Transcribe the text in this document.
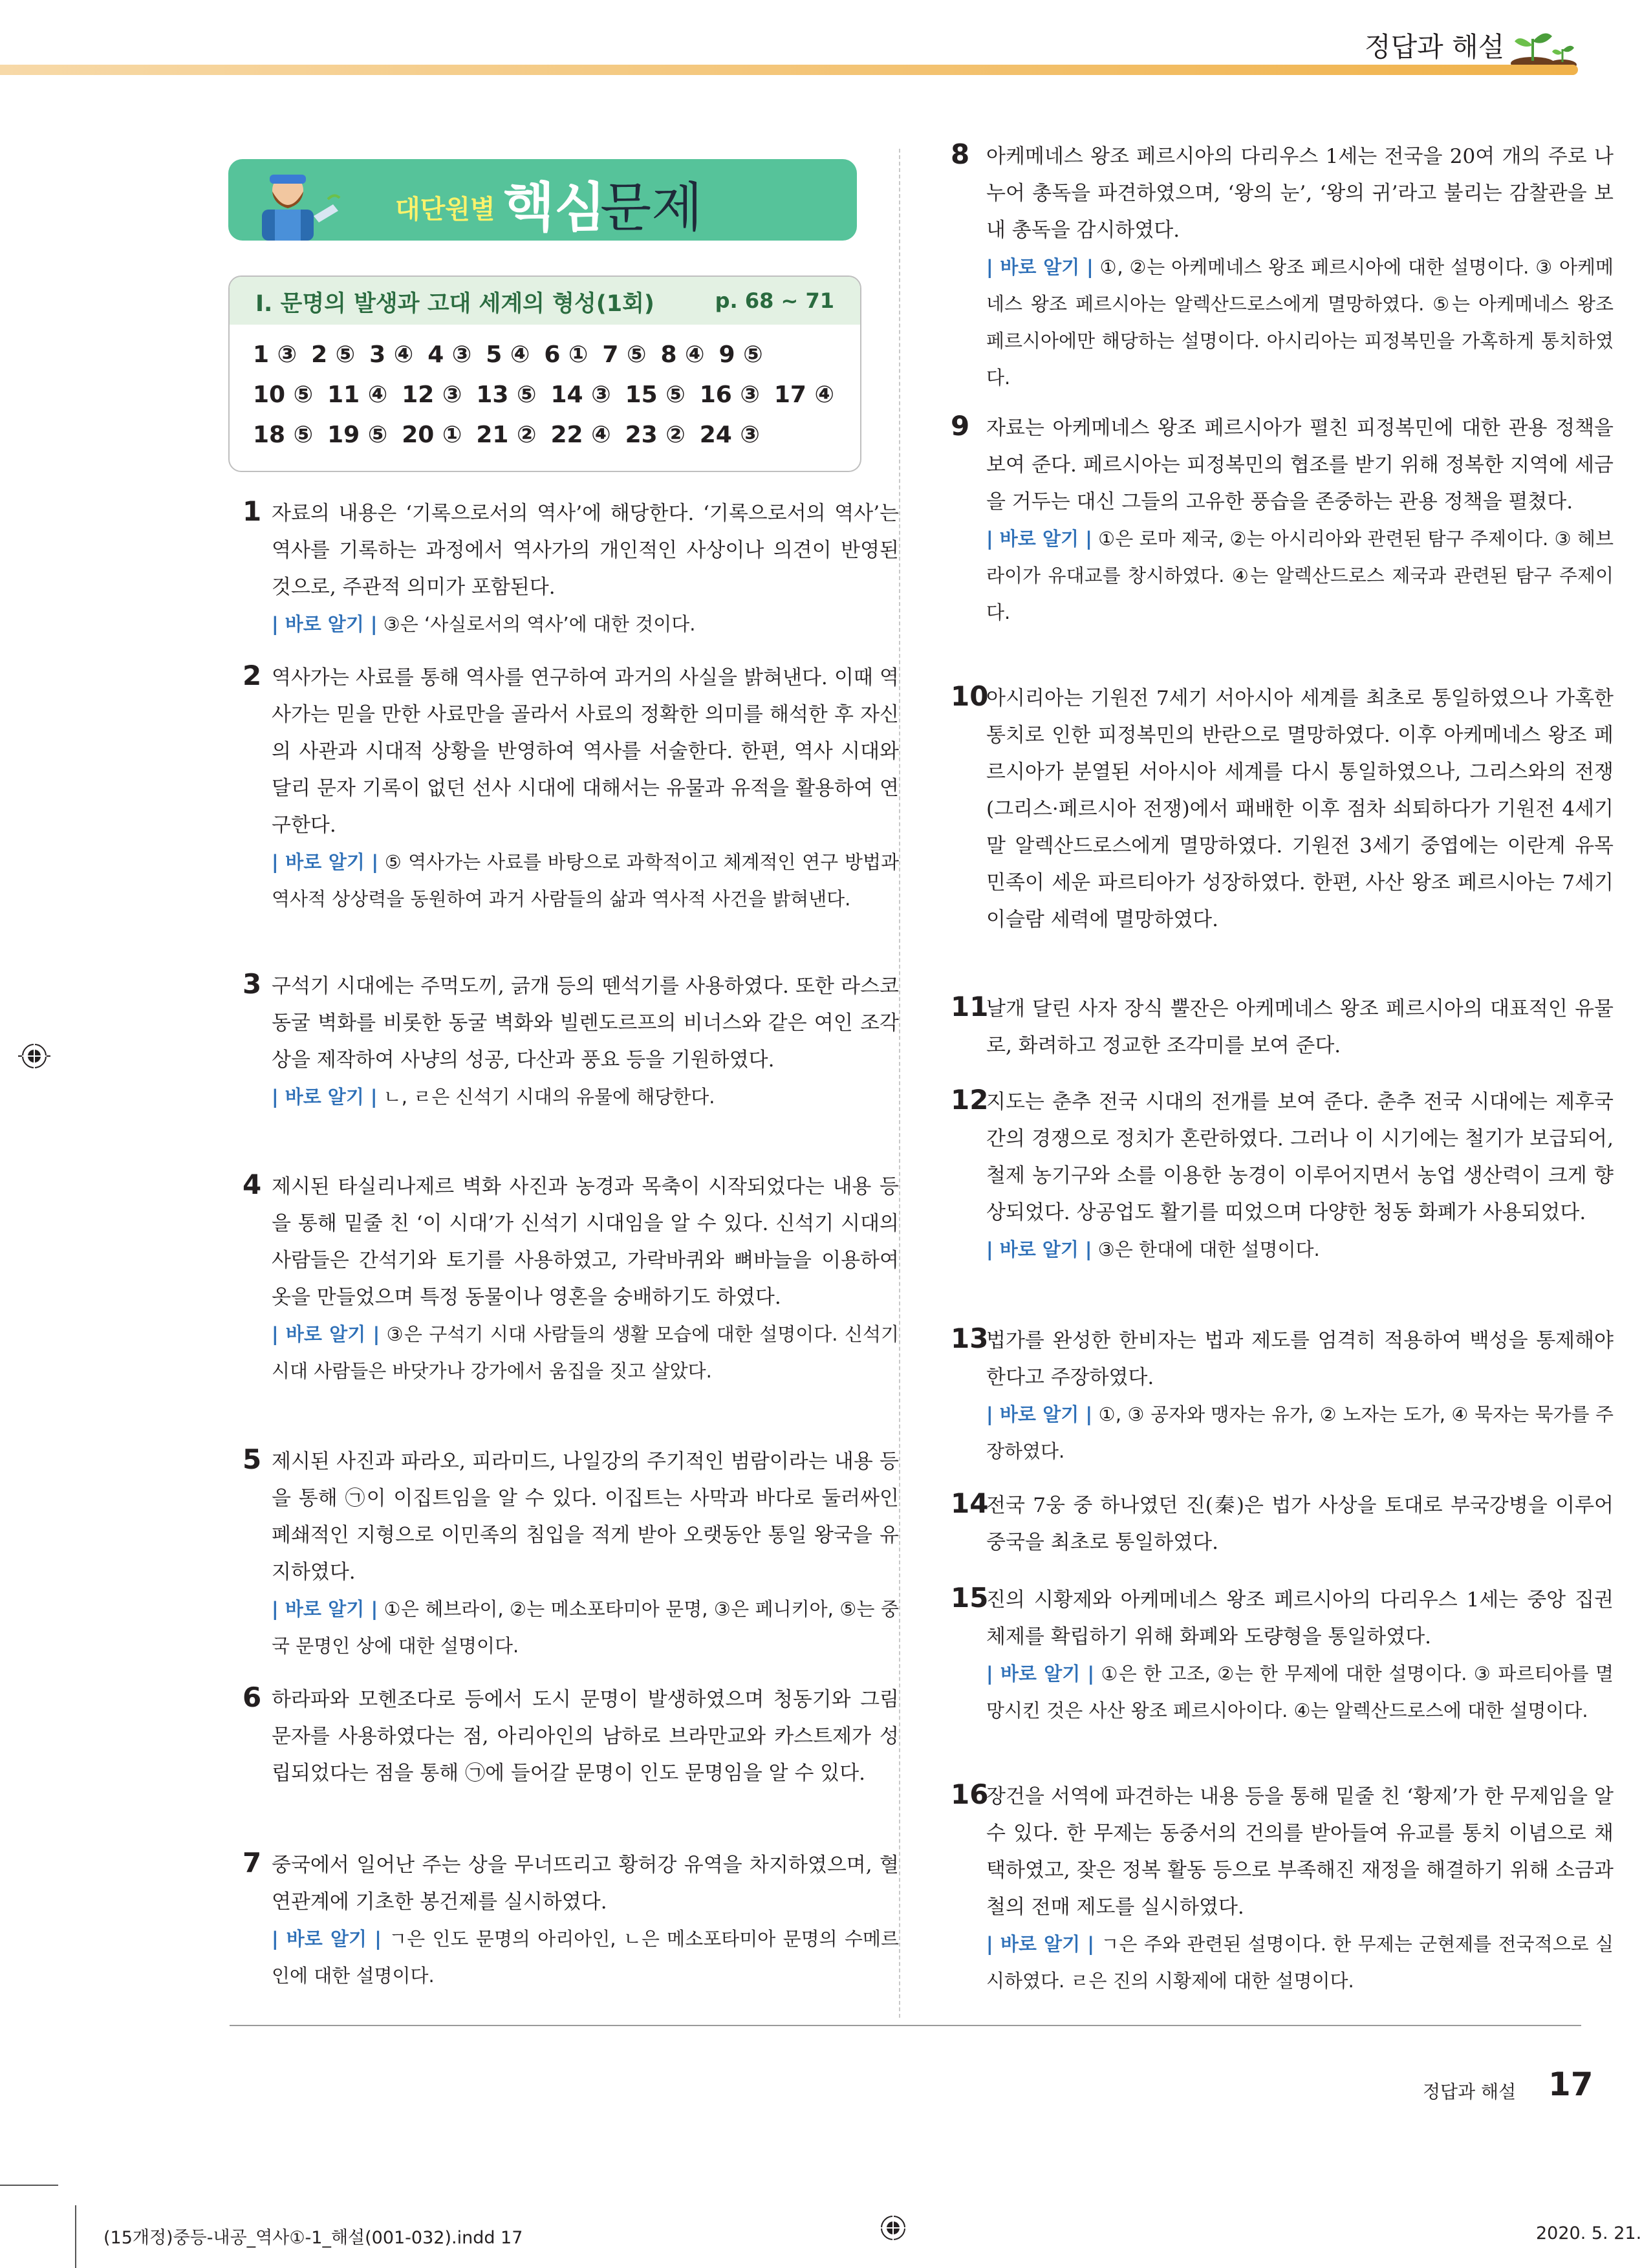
정답과 해설
대단원별 핵심
문제
Ⅰ. 문명의 발생과 고대 세계의 형성(1회)	p. 68 ~ 71
1 ③ 2 ⑤ 3 ④ 4 ③ 5 ④ 6 ① 7 ⑤ 8 ④ 9 ⑤
10 ⑤ 11 ④ 12 ③ 13 ⑤ 14 ③ 15 ⑤ 16 ③ 17 ④
18 ⑤ 19 ⑤ 20 ① 21 ② 22 ④ 23 ② 24 ③
1 자료의 내용은 ‘기록으로서의 역사’에 해당한다. ‘기록으로서의 역사’는 역사를 기록하는 과정에서 역사가의 개인적인 사상이나 의견이 반영된 것으로, 주관적 의미가 포함된다.

| 바로 알기 | ③은 ‘사실로서의 역사’에 대한 것이다.
2 역사가는 사료를 통해 역사를 연구하여 과거의 사실을 밝혀낸다. 이때 역사가는 믿을 만한 사료만을 골라서 사료의 정확한 의미를 해석한 후 자신의 사관과 시대적 상황을 반영하여 역사를 서술한다. 한편, 역사 시대와 달리 문자 기록이 없던 선사 시대에 대해서는 유물과 유적을 활용하여 연구한다.

| 바로 알기 | ⑤ 역사가는 사료를 바탕으로 과학적이고 체계적인 연구 방법과 역사적 상상력을 동원하여 과거 사람들의 삶과 역사적 사건을 밝혀낸다.
3 구석기 시대에는 주먹도끼, 긁개 등의 뗀석기를 사용하였다. 또한 라스코 동굴 벽화를 비롯한 동굴 벽화와 빌렌도르프의 비너스와 같은 여인 조각상을 제작하여 사냥의 성공, 다산과 풍요 등을 기원하였다.

| 바로 알기 | ㄴ, ㄹ은 신석기 시대의 유물에 해당한다.
4 제시된 타실리나제르 벽화 사진과 농경과 목축이 시작되었다는 내용 등을 통해 밑줄 친 ‘이 시대’가 신석기 시대임을 알 수 있다. 신석기 시대의 사람들은 간석기와 토기를 사용하였고, 가락바퀴와 뼈바늘을 이용하여 옷을 만들었으며 특정 동물이나 영혼을 숭배하기도 하였다.

| 바로 알기 | ③은 구석기 시대 사람들의 생활 모습에 대한 설명이다. 신석기 시대 사람들은 바닷가나 강가에서 움집을 짓고 살았다.
5 제시된 사진과 파라오, 피라미드, 나일강의 주기적인 범람이라는 내용 등을 통해 ㉠이 이집트임을 알 수 있다. 이집트는 사막과 바다로 둘러싸인 폐쇄적인 지형으로 이민족의 침입을 적게 받아 오랫동안 통일 왕국을 유지하였다.

| 바로 알기 | ①은 헤브라이, ②는 메소포타미아 문명, ③은 페니키아, ⑤는 중국 문명인 상에 대한 설명이다.
6 하라파와 모헨조다로 등에서 도시 문명이 발생하였으며 청동기와 그림 문자를 사용하였다는 점, 아리아인의 남하로 브라만교와 카스트제가 성립되었다는 점을 통해 ㉠에 들어갈 문명이 인도 문명임을 알 수 있다.

7 중국에서 일어난 주는 상을 무너뜨리고 황허강 유역을 차지하였으며, 혈연관계에 기초한 봉건제를 실시하였다.

| 바로 알기 | ㄱ은 인도 문명의 아리아인, ㄴ은 메소포타미아 문명의 수메르인에 대한 설명이다.
8 아케메네스 왕조 페르시아의 다리우스 1세는 전국을 20여 개의 주로 나누어 총독을 파견하였으며, ‘왕의 눈’, ‘왕의 귀’라고 불리는 감찰관을 보내 총독을 감시하였다.

| 바로 알기 | ①, ②는 아케메네스 왕조 페르시아에 대한 설명이다. ③ 아케메네스 왕조 페르시아는 알렉산드로스에게 멸망하였다. ⑤는 아케메네스 왕조 페르시아에만 해당하는 설명이다. 아시리아는 피정복민을 가혹하게 통치하였다.
9 자료는 아케메네스 왕조 페르시아가 펼친 피정복민에 대한 관용 정책을 보여 준다. 페르시아는 피정복민의 협조를 받기 위해 정복한 지역에 세금을 거두는 대신 그들의 고유한 풍습을 존중하는 관용 정책을 펼쳤다.

| 바로 알기 | ①은 로마 제국, ②는 아시리아와 관련된 탐구 주제이다. ③ 헤브라이가 유대교를 창시하였다. ④는 알렉산드로스 제국과 관련된 탐구 주제이다.
10

아시리아는 기원전 7세기 서아시아 세계를 최초로 통일하였으나 가혹한 통치로 인한 피정복민의 반란으로 멸망하였다. 이후 아케메네스 왕조 페르시아가 분열된 서아시아 세계를 다시 통일하였으나, 그리스와의 전쟁(그리스·페르시아 전쟁)에서 패배한 이후 점차 쇠퇴하다가 기원전 4세기 말 알렉산드로스에게 멸망하였다. 기원전 3세기 중엽에는 이란계 유목 민족이 세운 파르티아가 성장하였다. 한편, 사산 왕조 페르시아는 7세기 이슬람 세력에 멸망하였다.

11

날개 달린 사자 장식 뿔잔은 아케메네스 왕조 페르시아의 대표적인 유물로, 화려하고 정교한 조각미를 보여 준다.

12

지도는 춘추 전국 시대의 전개를 보여 준다. 춘추 전국 시대에는 제후국 간의 경쟁으로 정치가 혼란하였다. 그러나 이 시기에는 철기가 보급되어, 철제 농기구와 소를 이용한 농경이 이루어지면서 농업 생산력이 크게 향상되었다. 상공업도 활기를 띠었으며 다양한 청동 화폐가 사용되었다.

| 바로 알기 | ③은 한대에 대한 설명이다.
13

법가를 완성한 한비자는 법과 제도를 엄격히 적용하여 백성을 통제해야 한다고 주장하였다.

| 바로 알기 | ①, ③ 공자와 맹자는 유가, ② 노자는 도가, ④ 묵자는 묵가를 주장하였다.
14

전국 7웅 중 하나였던 진(秦)은 법가 사상을 토대로 부국강병을 이루어 중국을 최초로 통일하였다.

15

진의 시황제와 아케메네스 왕조 페르시아의 다리우스 1세는 중앙 집권 체제를 확립하기 위해 화폐와 도량형을 통일하였다.

| 바로 알기 | ①은 한 고조, ②는 한 무제에 대한 설명이다. ③ 파르티아를 멸망시킨 것은 사산 왕조 페르시아이다. ④는 알렉산드로스에 대한 설명이다.
16

장건을 서역에 파견하는 내용 등을 통해 밑줄 친 ‘황제’가 한 무제임을 알 수 있다. 한 무제는 동중서의 건의를 받아들여 유교를 통치 이념으로 채택하였고, 잦은 정복 활동 등으로 부족해진 재정을 해결하기 위해 소금과 철의 전매 제도를 실시하였다.

| 바로 알기 | ㄱ은 주와 관련된 설명이다. 한 무제는 군현제를 전국적으로 실시하였다. ㄹ은 진의 시황제에 대한 설명이다.
정답과 해설 17
(15개정)중등-내공_역사①-1_해설(001-032).indd 17	2020. 5. 21.
